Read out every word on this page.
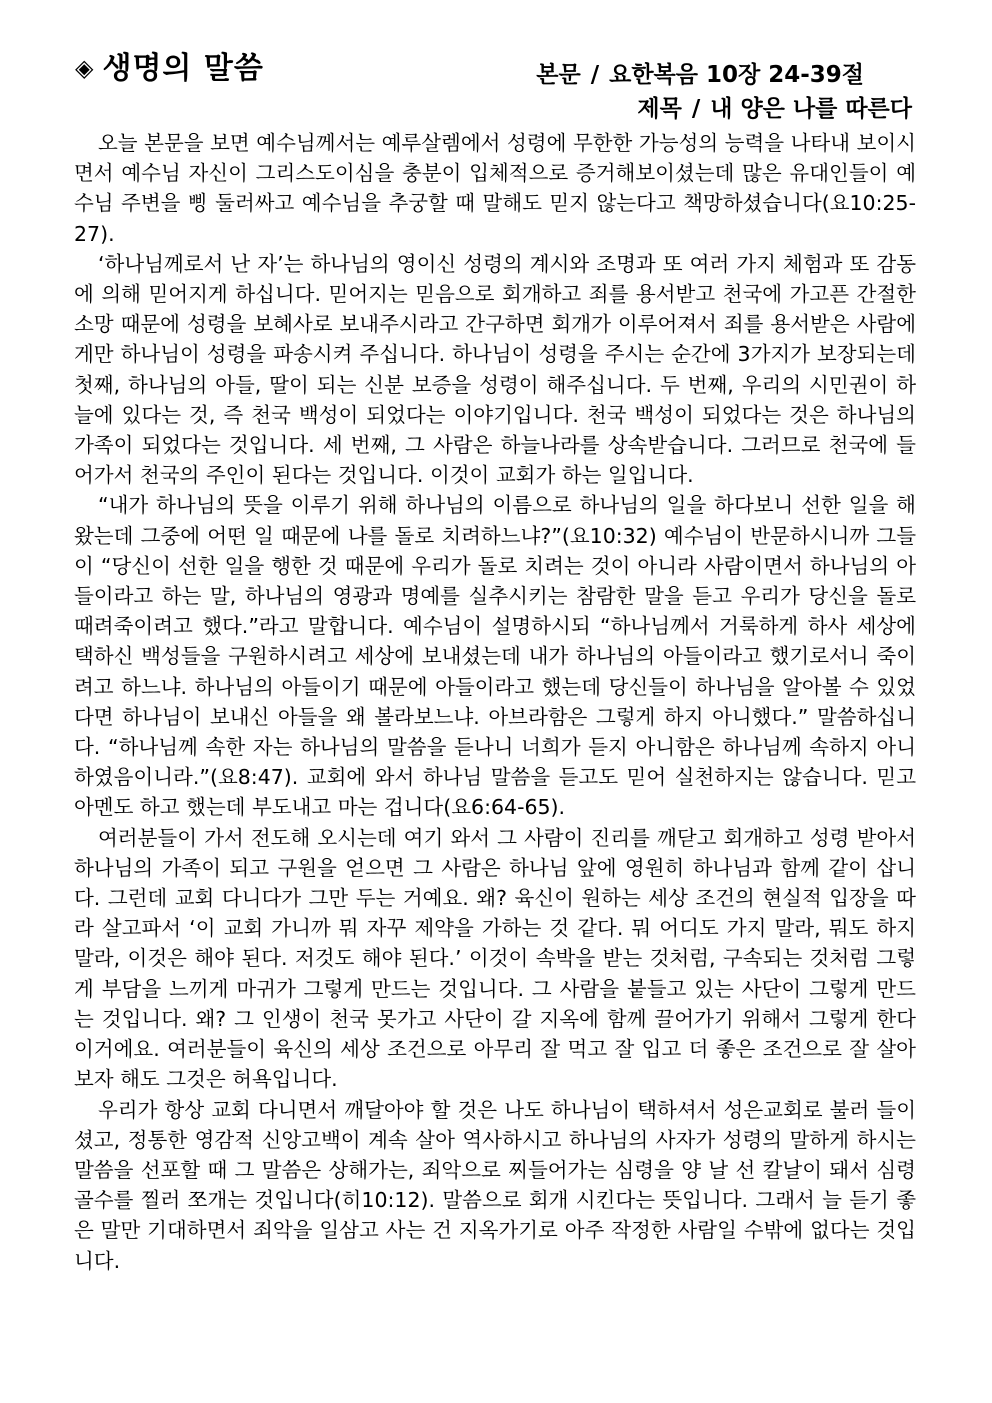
◈ 생명의 말씀	본문 / 요한복음 10장 24-39절
제목 / 내 양은 나를 따른다

오늘 본문을 보면 예수님께서는 예루살렘에서 성령에 무한한 가능성의 능력을 나타내 보이시면서 예수님 자신이 그리스도이심을 충분이 입체적으로 증거해보이셨는데 많은 유대인들이 예수님 주변을 삥 둘러싸고 예수님을 추궁할 때 말해도 믿지 않는다고 책망하셨습니다(요10:25-27).

‘하나님께로서 난 자’는 하나님의 영이신 성령의 계시와 조명과 또 여러 가지 체험과 또 감동에 의해 믿어지게 하십니다. 믿어지는 믿음으로 회개하고 죄를 용서받고 천국에 가고픈 간절한 소망 때문에 성령을 보혜사로 보내주시라고 간구하면 회개가 이루어져서 죄를 용서받은 사람에게만 하나님이 성령을 파송시켜 주십니다. 하나님이 성령을 주시는 순간에 3가지가 보장되는데 첫째, 하나님의 아들, 딸이 되는 신분 보증을 성령이 해주십니다. 두 번째, 우리의 시민권이 하늘에 있다는 것, 즉 천국 백성이 되었다는 이야기입니다. 천국 백성이 되었다는 것은 하나님의 가족이 되었다는 것입니다. 세 번째, 그 사람은 하늘나라를 상속받습니다. 그러므로 천국에 들어가서 천국의 주인이 된다는 것입니다. 이것이 교회가 하는 일입니다.

“내가 하나님의 뜻을 이루기 위해 하나님의 이름으로 하나님의 일을 하다보니 선한 일을 해왔는데 그중에 어떤 일 때문에 나를 돌로 치려하느냐?”(요10:32) 예수님이 반문하시니까 그들이 “당신이 선한 일을 행한 것 때문에 우리가 돌로 치려는 것이 아니라 사람이면서 하나님의 아들이라고 하는 말, 하나님의 영광과 명예를 실추시키는 참람한 말을 듣고 우리가 당신을 돌로 때려죽이려고 했다.”라고 말합니다. 예수님이 설명하시되 “하나님께서 거룩하게 하사 세상에 택하신 백성들을 구원하시려고 세상에 보내셨는데 내가 하나님의 아들이라고 했기로서니 죽이려고 하느냐. 하나님의 아들이기 때문에 아들이라고 했는데 당신들이 하나님을 알아볼 수 있었다면 하나님이 보내신 아들을 왜 볼라보느냐. 아브라함은 그렇게 하지 아니했다.” 말씀하십니다. “하나님께 속한 자는 하나님의 말씀을 듣나니 너희가 듣지 아니함은 하나님께 속하지 아니하였음이니라.”(요8:47). 교회에 와서 하나님 말씀을 듣고도 믿어 실천하지는 않습니다. 믿고 아멘도 하고 했는데 부도내고 마는 겁니다(요6:64-65).

여러분들이 가서 전도해 오시는데 여기 와서 그 사람이 진리를 깨닫고 회개하고 성령 받아서 하나님의 가족이 되고 구원을 얻으면 그 사람은 하나님 앞에 영원히 하나님과 함께 같이 삽니다. 그런데 교회 다니다가 그만 두는 거예요. 왜? 육신이 원하는 세상 조건의 현실적 입장을 따라 살고파서 ‘이 교회 가니까 뭐 자꾸 제약을 가하는 것 같다. 뭐 어디도 가지 말라, 뭐도 하지 말라, 이것은 해야 된다. 저것도 해야 된다.’ 이것이 속박을 받는 것처럼, 구속되는 것처럼 그렇게 부담을 느끼게 마귀가 그렇게 만드는 것입니다. 그 사람을 붙들고 있는 사단이 그렇게 만드는 것입니다. 왜? 그 인생이 천국 못가고 사단이 갈 지옥에 함께 끌어가기 위해서 그렇게 한다 이거에요. 여러분들이 육신의 세상 조건으로 아무리 잘 먹고 잘 입고 더 좋은 조건으로 잘 살아보자 해도 그것은 허욕입니다.

우리가 항상 교회 다니면서 깨달아야 할 것은 나도 하나님이 택하셔서 성은교회로 불러 들이셨고, 정통한 영감적 신앙고백이 계속 살아 역사하시고 하나님의 사자가 성령의 말하게 하시는 말씀을 선포할 때 그 말씀은 상해가는, 죄악으로 찌들어가는 심령을 양 날 선 칼날이 돼서 심령 골수를 찔러 쪼개는 것입니다(히10:12). 말씀으로 회개 시킨다는 뜻입니다. 그래서 늘 듣기 좋은 말만 기대하면서 죄악을 일삼고 사는 건 지옥가기로 아주 작정한 사람일 수밖에 없다는 것입니다.
